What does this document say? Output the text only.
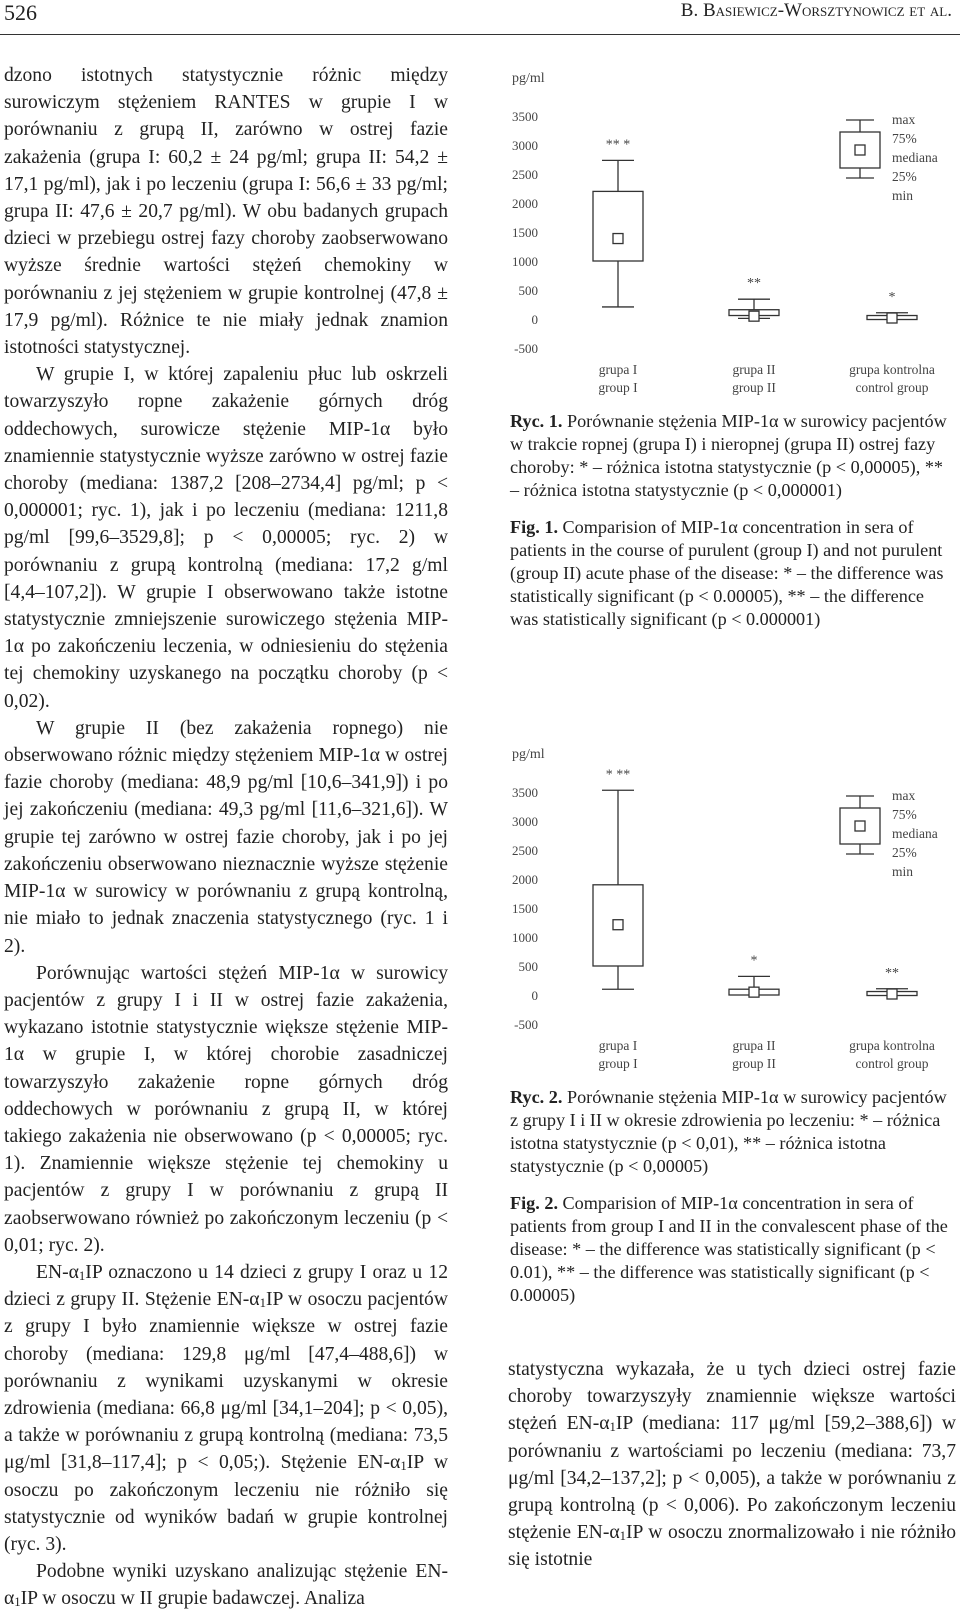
526	B. Basiewicz-Worsztynowicz et al.

dzono istotnych statystycznie różnic między surowiczym stężeniem RANTES w grupie I w porównaniu z grupą II, zarówno w ostrej fazie zakażenia (grupa I: 60,2 ± 24 pg/ml; grupa II: 54,2 ± 17,1 pg/ml), jak i po leczeniu (grupa I: 56,6 ± 33 pg/ml; grupa II: 47,6 ± 20,7 pg/ml). W obu badanych grupach dzieci w przebiegu ostrej fazy choroby zaobserwowano wyższe średnie wartości stężeń chemokiny w porównaniu z jej stężeniem w grupie kontrolnej (47,8 ± 17,9 pg/ml). Różnice te nie miały jednak znamion istotności statystycznej.

W grupie I, w której zapaleniu płuc lub oskrzeli towarzyszyło ropne zakażenie górnych dróg oddechowych, surowicze stężenie MIP-1α było znamiennie statystycznie wyższe zarówno w ostrej fazie choroby (mediana: 1387,2 [208–2734,4] pg/ml; p < 0,000001; ryc. 1), jak i po leczeniu (mediana: 1211,8 pg/ml [99,6–3529,8]; p < 0,00005; ryc. 2) w porównaniu z grupą kontrolną (mediana: 17,2 g/ml [4,4–107,2]). W grupie I obserwowano także istotne statystycznie zmniejszenie surowiczego stężenia MIP-1α po zakończeniu leczenia, w odniesieniu do stężenia tej chemokiny uzyskanego na początku choroby (p < 0,02).

W grupie II (bez zakażenia ropnego) nie obserwowano różnic między stężeniem MIP-1α w ostrej fazie choroby (mediana: 48,9 pg/ml [10,6–341,9]) i po jej zakończeniu (mediana: 49,3 pg/ml [11,6–321,6]). W grupie tej zarówno w ostrej fazie choroby, jak i po jej zakończeniu obserwowano nieznacznie wyższe stężenie MIP-1α w surowicy w porównaniu z grupą kontrolną, nie miało to jednak znaczenia statystycznego (ryc. 1 i 2).

Porównując wartości stężeń MIP-1α w surowicy pacjentów z grupy I i II w ostrej fazie zakażenia, wykazano istotnie statystycznie większe stężenie MIP-1α w grupie I, w której chorobie zasadniczej towarzyszyło zakażenie ropne górnych dróg oddechowych w porównaniu z grupą II, w której takiego zakażenia nie obserwowano (p < 0,00005; ryc. 1). Znamiennie większe stężenie tej chemokiny u pacjentów z grupy I w porównaniu z grupą II zaobserwowano również po zakończonym leczeniu (p < 0,01; ryc. 2).

$EN-\alpha_1IP$ oznaczono u 14 dzieci z grupy I oraz u 12 dzieci z grupy II. Stężenie $EN-\alpha_1IP$ w osoczu pacjentów z grupy I było znamiennie większe w ostrej fazie choroby (mediana: 129,8 μg/ml [47,4–488,6]) w porównaniu z wynikami uzyskanymi w okresie zdrowienia (mediana: 66,8 μg/ml [34,1–204]; p < 0,05), a także w porównaniu z grupą kontrolną (mediana: 73,5 μg/ml [31,8–117,4]; p < 0,05;). Stężenie $EN-\alpha_1IP$ w osoczu po zakończonym leczeniu nie różniło się statystycznie od wyników badań w grupie kontrolnej (ryc. 3).

Podobne wyniki uzyskano analizując stężenie $EN-\alpha_1IP$ w osoczu w II grupie badawczej. Analiza

pg/ml
3500
3000
2500
2000
1500
1000
500
0
-500
** *
grupa I
group I
**
grupa II
group II
*
grupa kontrolna
control group
max
75%
mediana
25%
min

Ryc. 1. Porównanie stężenia MIP-1α w surowicy pacjentów w trakcie ropnej (grupa I) i nieropnej (grupa II) ostrej fazy choroby: * – różnica istotna statystycznie (p < 0,00005), ** – różnica istotna statystycznie (p < 0,000001)

Fig. 1. Comparision of MIP-1α concentration in sera of patients in the course of purulent (group I) and not purulent (group II) acute phase of the disease: * – the difference was statistically significant (p < 0.00005), ** – the difference was statistically significant (p < 0.000001)

pg/ml
3500
3000
2500
2000
1500
1000
500
0
-500
* **
grupa I
group I
*
grupa II
group II
**
grupa kontrolna
control group
max
75%
mediana
25%
min

Ryc. 2. Porównanie stężenia MIP-1α w surowicy pacjentów z grupy I i II w okresie zdrowienia po leczeniu: * – różnica istotna statystycznie (p < 0,01), ** – różnica istotna statystycznie (p < 0,00005)

Fig. 2. Comparision of MIP-1α concentration in sera of patients from group I and II in the convalescent phase of the disease: * – the difference was statistically significant (p < 0.01), ** – the difference was statistically significant (p < 0.00005)

statystyczna wykazała, że u tych dzieci ostrej fazie choroby towarzyszyły znamiennie większe wartości stężeń $EN-\alpha_1IP$ (mediana: 117 μg/ml [59,2–388,6]) w porównaniu z wartościami po leczeniu (mediana: 73,7 μg/ml [34,2–137,2]; p < 0,005), a także w porównaniu z grupą kontrolną (p < 0,006). Po zakończonym leczeniu stężenie $EN-\alpha_1IP$ w osoczu znormalizowało i nie różniło się istotnie
